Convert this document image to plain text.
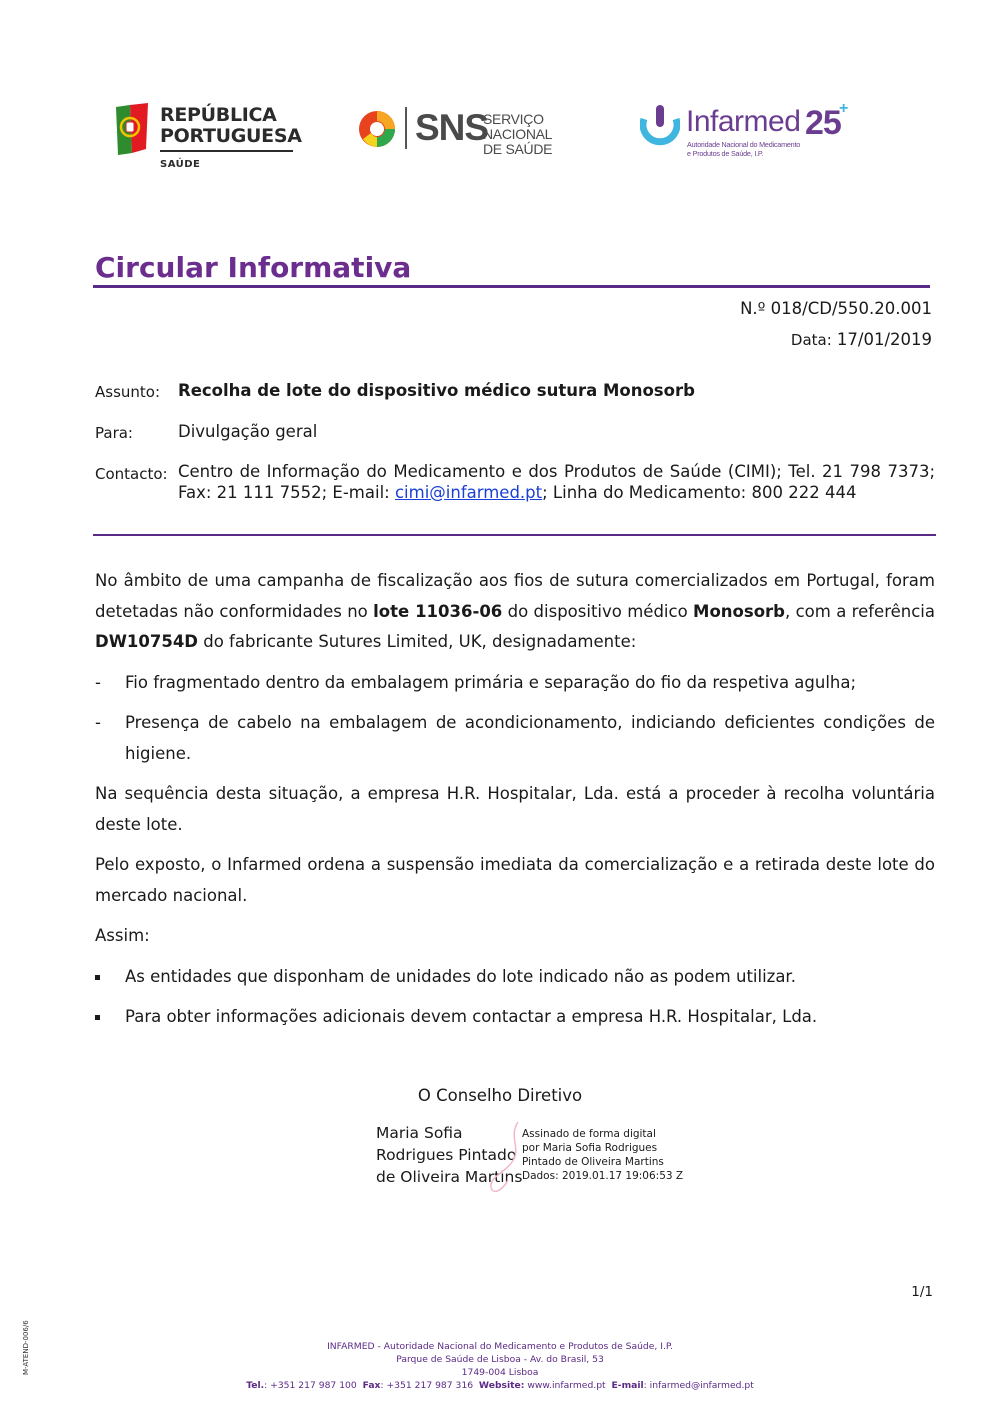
REPÚBLICA
PORTUGUESA
SAÚDE
SNS
SERVIÇO NACIONAL
DE SAÚDE
Infarmed 25
+
Autoridade Nacional do Medicamento
e Produtos de Saúde, I.P.
Circular Informativa
N.º 018/CD/550.20.001
Data: 17/01/2019
Assunto: Recolha de lote do dispositivo médico sutura Monosorb
Para:	Divulgação geral
Contacto: Centro de Informação do Medicamento e dos Produtos de Saúde (CIMI); Tel. 21 798 7373; Fax: 21 111 7552; E-mail: cimi@infarmed.pt; Linha do Medicamento: 800 222 444

No âmbito de uma campanha de fiscalização aos fios de sutura comercializados em Portugal, foram detetadas não conformidades no lote 11036-06 do dispositivo médico Monosorb, com a referência DW10754D do fabricante Sutures Limited, UK, designadamente:

- Fio fragmentado dentro da embalagem primária e separação do fio da respetiva agulha;
- Presença de cabelo na embalagem de acondicionamento, indiciando deficientes condições de higiene.

Na sequência desta situação, a empresa H.R. Hospitalar, Lda. está a proceder à recolha voluntária deste lote.

Pelo exposto, o Infarmed ordena a suspensão imediata da comercialização e a retirada deste lote do mercado nacional.

Assim:

As entidades que disponham de unidades do lote indicado não as podem utilizar.
Para obter informações adicionais devem contactar a empresa H.R. Hospitalar, Lda.
O Conselho Diretivo
Maria Sofia
Rodrigues Pintado
de Oliveira Martins
Assinado de forma digital
por Maria Sofia Rodrigues
Pintado de Oliveira Martins
Dados: 2019.01.17 19:06:53 Z
1/1
M-ATEND-006/6	INFARMED - Autoridade Nacional do Medicamento e Produtos de Saúde, I.P.
Parque de Saúde de Lisboa - Av. do Brasil, 53
1749-004 Lisboa
Tel.: +351 217 987 100 Fax: +351 217 987 316 Website: www.infarmed.pt E-mail: infarmed@infarmed.pt
